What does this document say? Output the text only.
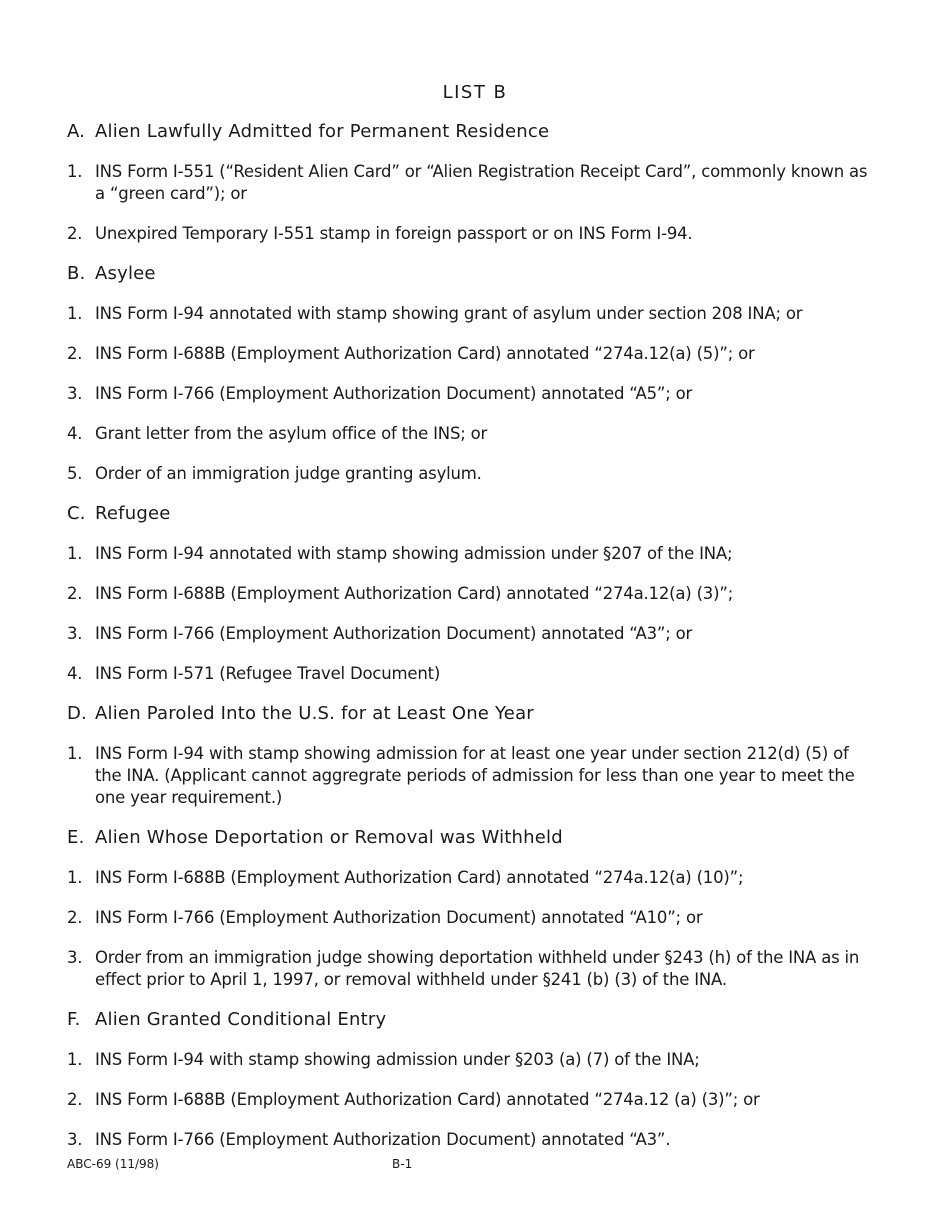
LIST B
A. Alien Lawfully Admitted for Permanent Residence
1. INS Form I-551 (“Resident Alien Card” or “Alien Registration Receipt Card”, commonly known as a “green card”); or
2. Unexpired Temporary I-551 stamp in foreign passport or on INS Form I-94.
B. Asylee
1. INS Form I-94 annotated with stamp showing grant of asylum under section 208 INA; or
2. INS Form I-688B (Employment Authorization Card) annotated “274a.12(a) (5)”; or
3. INS Form I-766 (Employment Authorization Document) annotated “A5”; or
4. Grant letter from the asylum office of the INS; or
5. Order of an immigration judge granting asylum.
C. Refugee
1. INS Form I-94 annotated with stamp showing admission under §207 of the INA;
2. INS Form I-688B (Employment Authorization Card) annotated “274a.12(a) (3)”;
3. INS Form I-766 (Employment Authorization Document) annotated “A3”; or
4. INS Form I-571 (Refugee Travel Document)
D. Alien Paroled Into the U.S. for at Least One Year
1. INS Form I-94 with stamp showing admission for at least one year under section 212(d) (5) of the INA. (Applicant cannot aggregrate periods of admission for less than one year to meet the one year requirement.)
E. Alien Whose Deportation or Removal was Withheld
1. INS Form I-688B (Employment Authorization Card) annotated “274a.12(a) (10)”;
2. INS Form I-766 (Employment Authorization Document) annotated “A10”; or
3. Order from an immigration judge showing deportation withheld under §243 (h) of the INA as in effect prior to April 1, 1997, or removal withheld under §241 (b) (3) of the INA.
F. Alien Granted Conditional Entry
1. INS Form I-94 with stamp showing admission under §203 (a) (7) of the INA;
2. INS Form I-688B (Employment Authorization Card) annotated “274a.12 (a) (3)”; or
3. INS Form I-766 (Employment Authorization Document) annotated “A3”.
ABC-69 (11/98)	B-1
